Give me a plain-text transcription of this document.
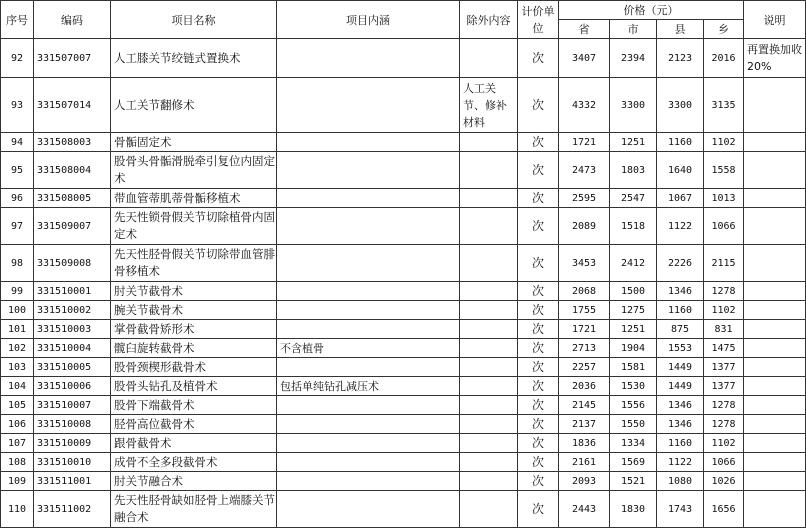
序号	编码	项目名称	项目内涵	除外内容	计价单位	价格（元）				说明
						省	市	县	乡	
92	331507007	人工膝关节绞链式置换术			次	3407	2394	2123	2016	再置换加收 20%
93	331507014	人工关节翻修术		人工关节、修补材料	次	4332	3300	3300	3135	
94	331508003	骨骺固定术			次	1721	1251	1160	1102	
95	331508004	股骨头骨骺滑脱牵引复位内固定术			次	2473	1803	1640	1558	
96	331508005	带血管蒂肌蒂骨骺移植术			次	2595	2547	1067	1013	
97	331509007	先天性锁骨假关节切除植骨内固定术			次	2089	1518	1122	1066	
98	331509008	先天性胫骨假关节切除带血管腓骨移植术			次	3453	2412	2226	2115	
99	331510001	肘关节截骨术			次	2068	1500	1346	1278	
100	331510002	腕关节截骨术			次	1755	1275	1160	1102	
101	331510003	掌骨截骨矫形术			次	1721	1251	875	831	
102	331510004	髋臼旋转截骨术	不含植骨		次	2713	1904	1553	1475	
103	331510005	股骨颈楔形截骨术			次	2257	1581	1449	1377	
104	331510006	股骨头钻孔及植骨术	包括单纯钻孔减压术		次	2036	1530	1449	1377	
105	331510007	股骨下端截骨术			次	2145	1556	1346	1278	
106	331510008	胫骨高位截骨术			次	2137	1550	1346	1278	
107	331510009	跟骨截骨术			次	1836	1334	1160	1102	
108	331510010	成骨不全多段截骨术			次	2161	1569	1122	1066	
109	331511001	肘关节融合术			次	2093	1521	1080	1026	
110	331511002	先天性胫骨缺如胫骨上端膝关节融合术			次	2443	1830	1743	1656	
